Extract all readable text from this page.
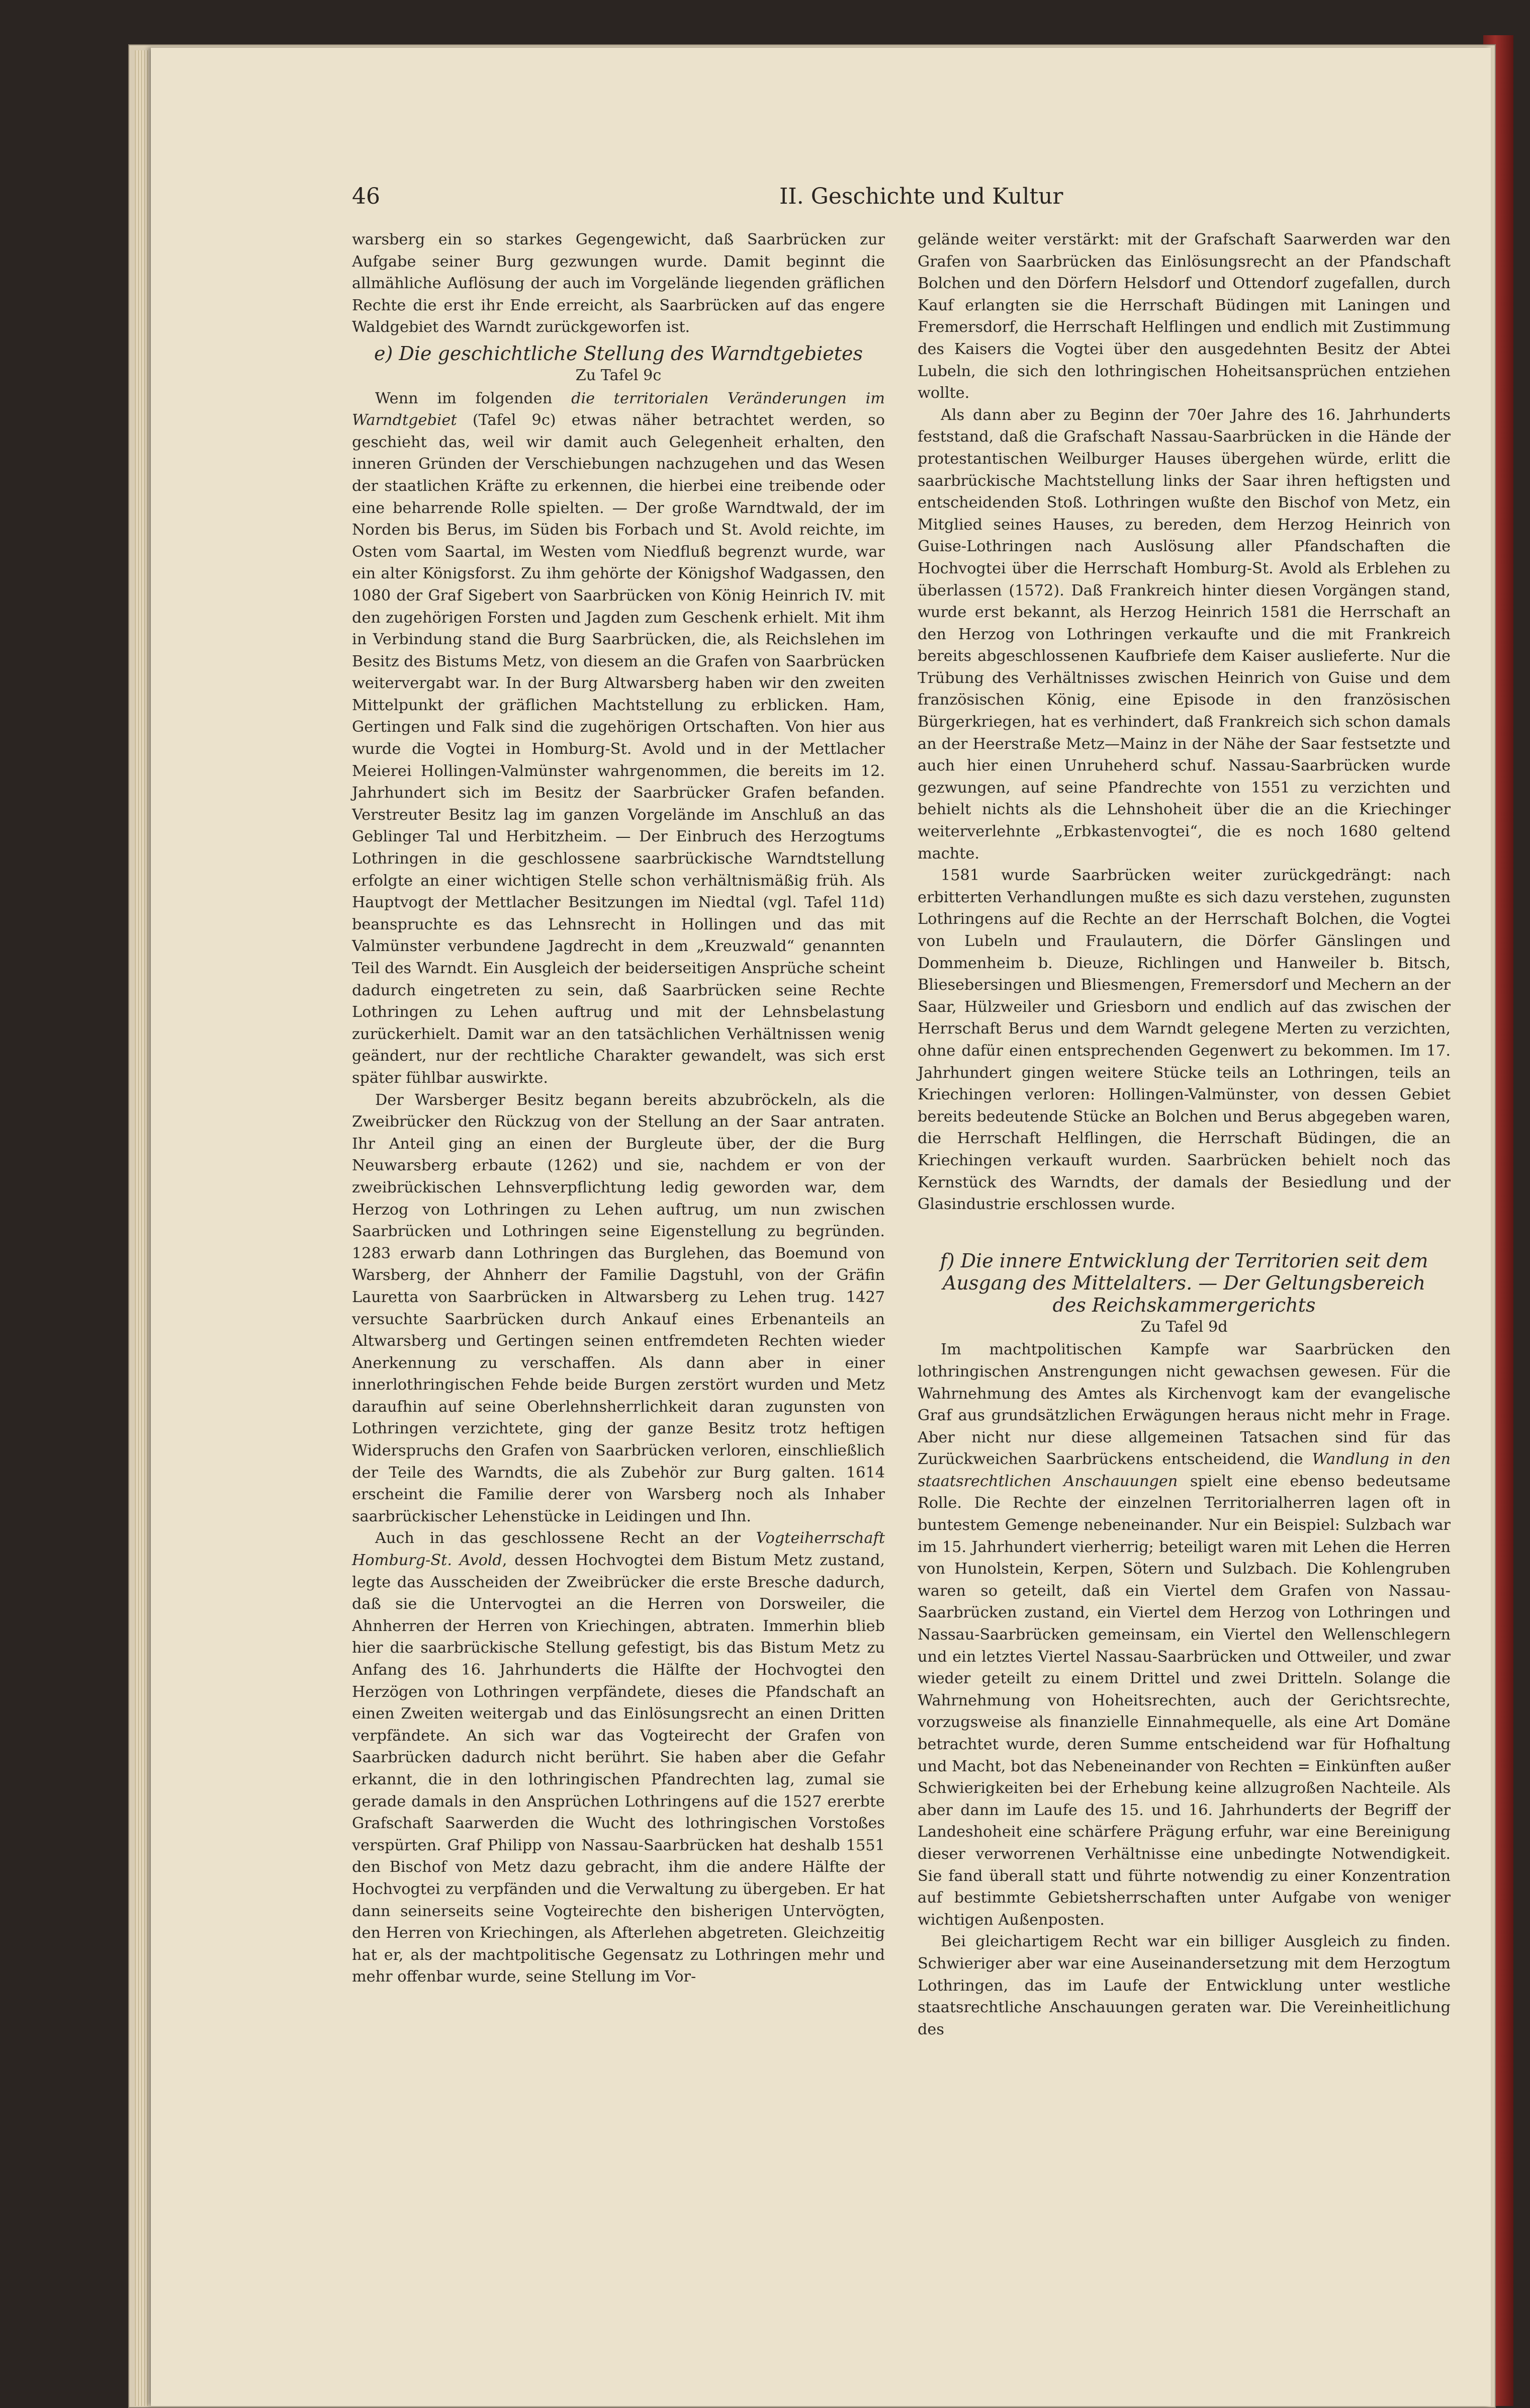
46	II. Geschichte und Kultur

warsberg ein so starkes Gegengewicht, daß Saarbrücken zur Aufgabe seiner Burg gezwungen wurde. Damit beginnt die allmähliche Auflösung der auch im Vorgelände liegenden gräflichen Rechte die erst ihr Ende erreicht, als Saarbrücken auf das engere Waldgebiet des Warndt zurückgeworfen ist.

e) Die geschichtliche Stellung des Warndtgebietes
Zu Tafel 9c

Wenn im folgenden die territorialen Veränderungen im Warndtgebiet (Tafel 9c) etwas näher betrachtet werden, so geschieht das, weil wir damit auch Gelegenheit erhalten, den inneren Gründen der Verschiebungen nachzugehen und das Wesen der staatlichen Kräfte zu erkennen, die hierbei eine treibende oder eine beharrende Rolle spielten. — Der große Warndtwald, der im Norden bis Berus, im Süden bis Forbach und St. Avold reichte, im Osten vom Saartal, im Westen vom Niedfluß begrenzt wurde, war ein alter Königsforst. Zu ihm gehörte der Königshof Wadgassen, den 1080 der Graf Sigebert von Saarbrücken von König Heinrich IV. mit den zugehörigen Forsten und Jagden zum Geschenk erhielt. Mit ihm in Verbindung stand die Burg Saarbrücken, die, als Reichslehen im Besitz des Bistums Metz, von diesem an die Grafen von Saarbrücken weitervergabt war. In der Burg Altwarsberg haben wir den zweiten Mittelpunkt der gräflichen Machtstellung zu erblicken. Ham, Gertingen und Falk sind die zugehörigen Ortschaften. Von hier aus wurde die Vogtei in Homburg-St. Avold und in der Mettlacher Meierei Hollingen-Valmünster wahrgenommen, die bereits im 12. Jahrhundert sich im Besitz der Saarbrücker Grafen befanden. Verstreuter Besitz lag im ganzen Vorgelände im Anschluß an das Geblinger Tal und Herbitzheim. — Der Einbruch des Herzogtums Lothringen in die geschlossene saarbrückische Warndtstellung erfolgte an einer wichtigen Stelle schon verhältnismäßig früh. Als Hauptvogt der Mettlacher Besitzungen im Niedtal (vgl. Tafel 11d) beanspruchte es das Lehnsrecht in Hollingen und das mit Valmünster verbundene Jagdrecht in dem „Kreuzwald“ genannten Teil des Warndt. Ein Ausgleich der beiderseitigen Ansprüche scheint dadurch eingetreten zu sein, daß Saarbrücken seine Rechte Lothringen zu Lehen auftrug und mit der Lehnsbelastung zurückerhielt. Damit war an den tatsächlichen Verhältnissen wenig geändert, nur der rechtliche Charakter gewandelt, was sich erst später fühlbar auswirkte.

Der Warsberger Besitz begann bereits abzubröckeln, als die Zweibrücker den Rückzug von der Stellung an der Saar antraten. Ihr Anteil ging an einen der Burgleute über, der die Burg Neuwarsberg erbaute (1262) und sie, nachdem er von der zweibrückischen Lehnsverpflichtung ledig geworden war, dem Herzog von Lothringen zu Lehen auftrug, um nun zwischen Saarbrücken und Lothringen seine Eigenstellung zu begründen. 1283 erwarb dann Lothringen das Burglehen, das Boemund von Warsberg, der Ahnherr der Familie Dagstuhl, von der Gräfin Lauretta von Saarbrücken in Altwarsberg zu Lehen trug. 1427 versuchte Saarbrücken durch Ankauf eines Erbenanteils an Altwarsberg und Gertingen seinen entfremdeten Rechten wieder Anerkennung zu verschaffen. Als dann aber in einer innerlothringischen Fehde beide Burgen zerstört wurden und Metz daraufhin auf seine Oberlehnsherrlichkeit daran zugunsten von Lothringen verzichtete, ging der ganze Besitz trotz heftigen Widerspruchs den Grafen von Saarbrücken verloren, einschließlich der Teile des Warndts, die als Zubehör zur Burg galten. 1614 erscheint die Familie derer von Warsberg noch als Inhaber saarbrückischer Lehenstücke in Leidingen und Ihn.

Auch in das geschlossene Recht an der Vogteiherrschaft Homburg-St. Avold, dessen Hochvogtei dem Bistum Metz zustand, legte das Ausscheiden der Zweibrücker die erste Bresche dadurch, daß sie die Untervogtei an die Herren von Dorsweiler, die Ahnherren der Herren von Kriechingen, abtraten. Immerhin blieb hier die saarbrückische Stellung gefestigt, bis das Bistum Metz zu Anfang des 16. Jahrhunderts die Hälfte der Hochvogtei den Herzögen von Lothringen verpfändete, dieses die Pfandschaft an einen Zweiten weitergab und das Einlösungsrecht an einen Dritten verpfändete. An sich war das Vogteirecht der Grafen von Saarbrücken dadurch nicht berührt. Sie haben aber die Gefahr erkannt, die in den lothringischen Pfandrechten lag, zumal sie gerade damals in den Ansprüchen Lothringens auf die 1527 ererbte Grafschaft Saarwerden die Wucht des lothringischen Vorstoßes verspürten. Graf Philipp von Nassau-Saarbrücken hat deshalb 1551 den Bischof von Metz dazu gebracht, ihm die andere Hälfte der Hochvogtei zu verpfänden und die Verwaltung zu übergeben. Er hat dann seinerseits seine Vogteirechte den bisherigen Untervögten, den Herren von Kriechingen, als Afterlehen abgetreten. Gleichzeitig hat er, als der machtpolitische Gegensatz zu Lothringen mehr und mehr offenbar wurde, seine Stellung im Vor-

gelände weiter verstärkt: mit der Grafschaft Saarwerden war den Grafen von Saarbrücken das Einlösungsrecht an der Pfandschaft Bolchen und den Dörfern Helsdorf und Ottendorf zugefallen, durch Kauf erlangten sie die Herrschaft Büdingen mit Laningen und Fremersdorf, die Herrschaft Helflingen und endlich mit Zustimmung des Kaisers die Vogtei über den ausgedehnten Besitz der Abtei Lubeln, die sich den lothringischen Hoheitsansprüchen entziehen wollte.

Als dann aber zu Beginn der 70er Jahre des 16. Jahrhunderts feststand, daß die Grafschaft Nassau-Saarbrücken in die Hände der protestantischen Weilburger Hauses übergehen würde, erlitt die saarbrückische Machtstellung links der Saar ihren heftigsten und entscheidenden Stoß. Lothringen wußte den Bischof von Metz, ein Mitglied seines Hauses, zu bereden, dem Herzog Heinrich von Guise-Lothringen nach Auslösung aller Pfandschaften die Hochvogtei über die Herrschaft Homburg-St. Avold als Erblehen zu überlassen (1572). Daß Frankreich hinter diesen Vorgängen stand, wurde erst bekannt, als Herzog Heinrich 1581 die Herrschaft an den Herzog von Lothringen verkaufte und die mit Frankreich bereits abgeschlossenen Kaufbriefe dem Kaiser auslieferte. Nur die Trübung des Verhältnisses zwischen Heinrich von Guise und dem französischen König, eine Episode in den französischen Bürgerkriegen, hat es verhindert, daß Frankreich sich schon damals an der Heerstraße Metz—Mainz in der Nähe der Saar festsetzte und auch hier einen Unruheherd schuf. Nassau-Saarbrücken wurde gezwungen, auf seine Pfandrechte von 1551 zu verzichten und behielt nichts als die Lehnshoheit über die an die Kriechinger weiterverlehnte „Erbkastenvogtei“, die es noch 1680 geltend machte.

1581 wurde Saarbrücken weiter zurückgedrängt: nach erbitterten Verhandlungen mußte es sich dazu verstehen, zugunsten Lothringens auf die Rechte an der Herrschaft Bolchen, die Vogtei von Lubeln und Fraulautern, die Dörfer Gänslingen und Dommenheim b. Dieuze, Richlingen und Hanweiler b. Bitsch, Bliesebersingen und Bliesmengen, Fremersdorf und Mechern an der Saar, Hülzweiler und Griesborn und endlich auf das zwischen der Herrschaft Berus und dem Warndt gelegene Merten zu verzichten, ohne dafür einen entsprechenden Gegenwert zu bekommen. Im 17. Jahrhundert gingen weitere Stücke teils an Lothringen, teils an Kriechingen verloren: Hollingen-Valmünster, von dessen Gebiet bereits bedeutende Stücke an Bolchen und Berus abgegeben waren, die Herrschaft Helflingen, die Herrschaft Büdingen, die an Kriechingen verkauft wurden. Saarbrücken behielt noch das Kernstück des Warndts, der damals der Besiedlung und der Glasindustrie erschlossen wurde.

f) Die innere Entwicklung der Territorien seit dem
Ausgang des Mittelalters. — Der Geltungsbereich
des Reichskammergerichts
Zu Tafel 9d

Im machtpolitischen Kampfe war Saarbrücken den lothringischen Anstrengungen nicht gewachsen gewesen. Für die Wahrnehmung des Amtes als Kirchenvogt kam der evangelische Graf aus grundsätzlichen Erwägungen heraus nicht mehr in Frage. Aber nicht nur diese allgemeinen Tatsachen sind für das Zurückweichen Saarbrückens entscheidend, die Wandlung in den staatsrechtlichen Anschauungen spielt eine ebenso bedeutsame Rolle. Die Rechte der einzelnen Territorialherren lagen oft in buntestem Gemenge nebeneinander. Nur ein Beispiel: Sulzbach war im 15. Jahrhundert vierherrig; beteiligt waren mit Lehen die Herren von Hunolstein, Kerpen, Sötern und Sulzbach. Die Kohlengruben waren so geteilt, daß ein Viertel dem Grafen von Nassau-Saarbrücken zustand, ein Viertel dem Herzog von Lothringen und Nassau-Saarbrücken gemeinsam, ein Viertel den Wellenschlegern und ein letztes Viertel Nassau-Saarbrücken und Ottweiler, und zwar wieder geteilt zu einem Drittel und zwei Dritteln. Solange die Wahrnehmung von Hoheitsrechten, auch der Gerichtsrechte, vorzugsweise als finanzielle Einnahmequelle, als eine Art Domäne betrachtet wurde, deren Summe entscheidend war für Hofhaltung und Macht, bot das Nebeneinander von Rechten = Einkünften außer Schwierigkeiten bei der Erhebung keine allzugroßen Nachteile. Als aber dann im Laufe des 15. und 16. Jahrhunderts der Begriff der Landeshoheit eine schärfere Prägung erfuhr, war eine Bereinigung dieser verworrenen Verhältnisse eine unbedingte Notwendigkeit. Sie fand überall statt und führte notwendig zu einer Konzentration auf bestimmte Gebietsherrschaften unter Aufgabe von weniger wichtigen Außenposten.

Bei gleichartigem Recht war ein billiger Ausgleich zu finden. Schwieriger aber war eine Auseinandersetzung mit dem Herzogtum Lothringen, das im Laufe der Entwicklung unter westliche staatsrechtliche Anschauungen geraten war. Die Vereinheitlichung des
